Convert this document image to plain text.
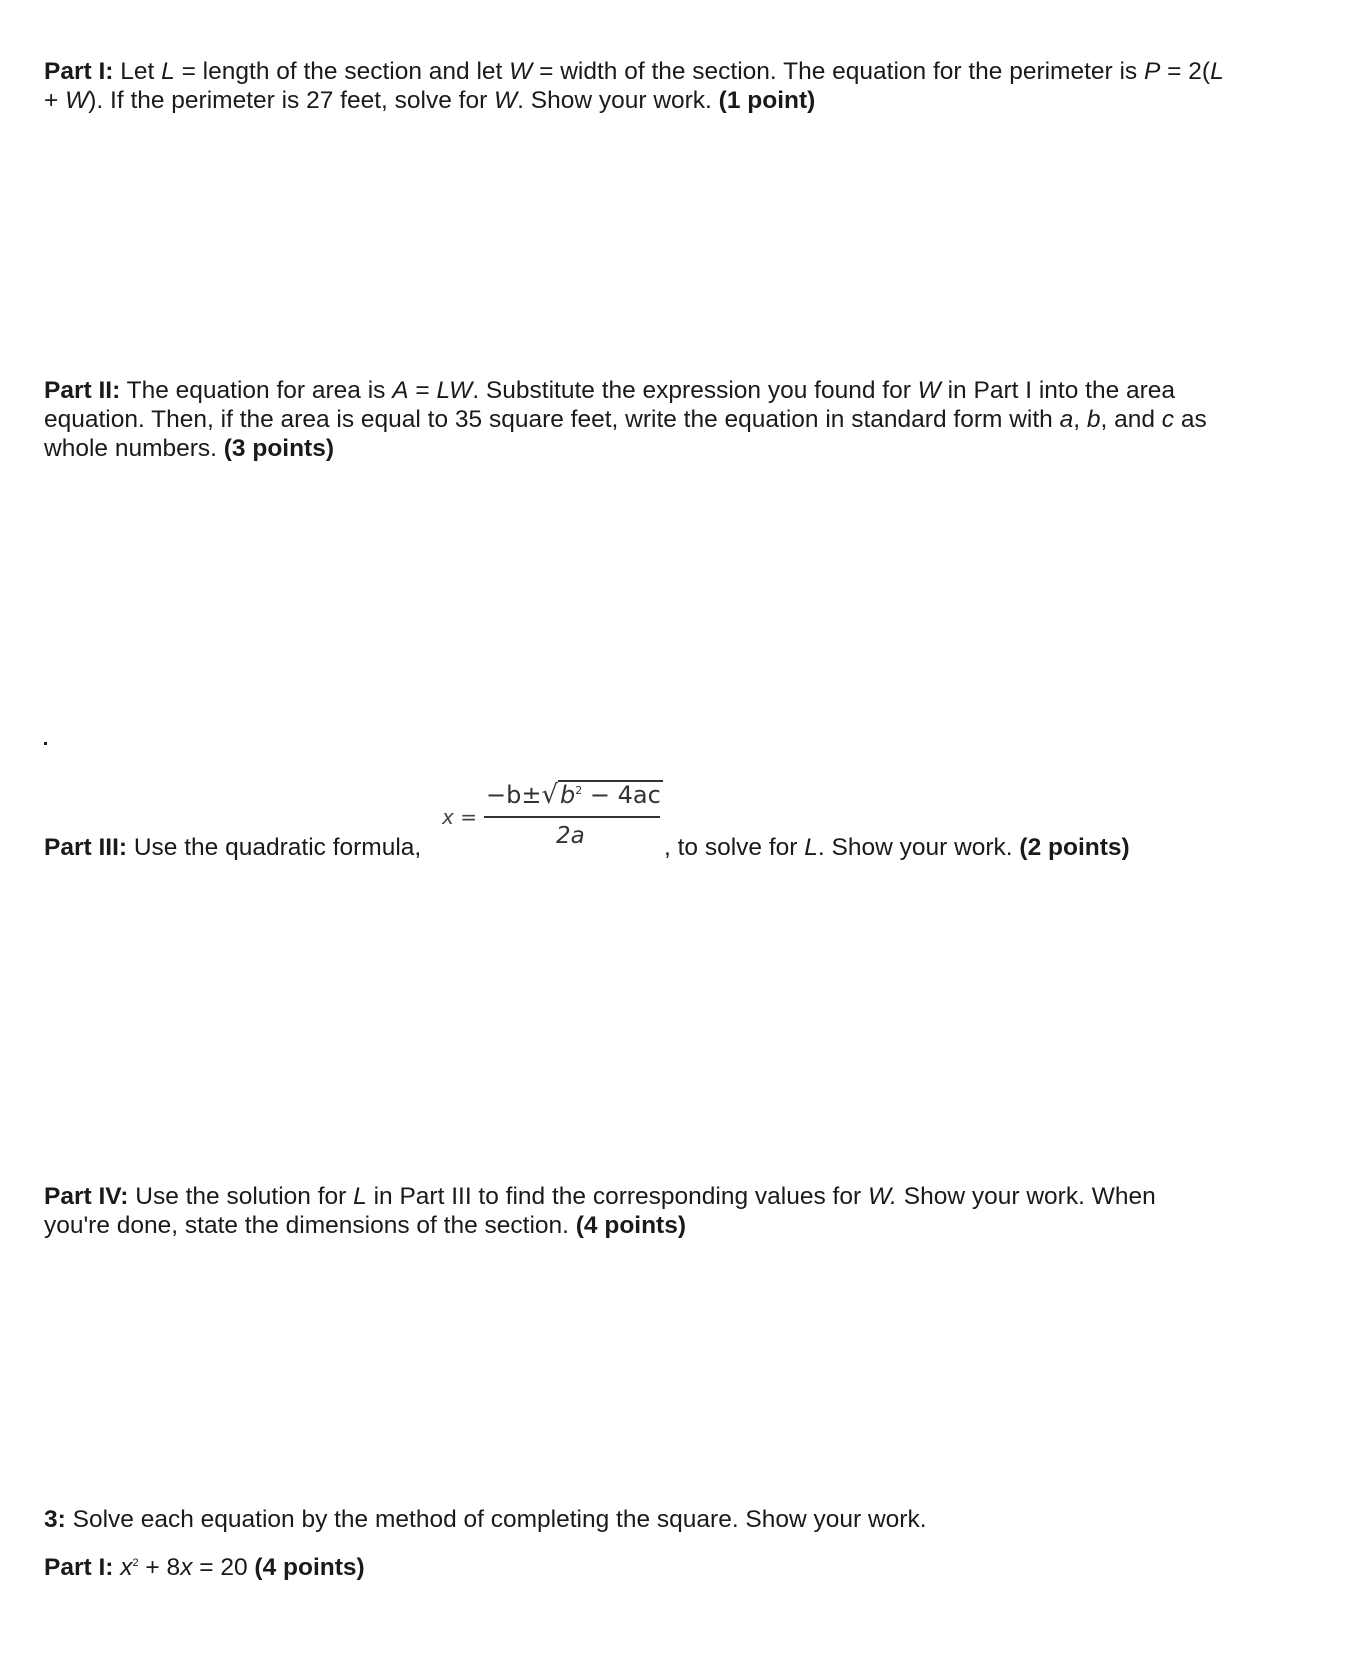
Part I: Let L = length of the section and let W = width of the section. The equation for the perimeter is P = 2(L + W). If the perimeter is 27 feet, solve for W. Show your work. (1 point)
Part II: The equation for area is A = LW. Substitute the expression you found for W in Part I into the area equation. Then, if the area is equal to 35 square feet, write the equation in standard form with a, b, and c as whole numbers. (3 points)
Part III: Use the quadratic formula,	, to solve for L. Show your work. (2 points)
x =
$-b\pm√b^2 - 4ac$
2a
Part IV: Use the solution for L in Part III to find the corresponding values for W. Show your work. When you're done, state the dimensions of the section. (4 points)
3: Solve each equation by the method of completing the square. Show your work.
Part I: $x^2 + 8x = 20$ (4 points)
